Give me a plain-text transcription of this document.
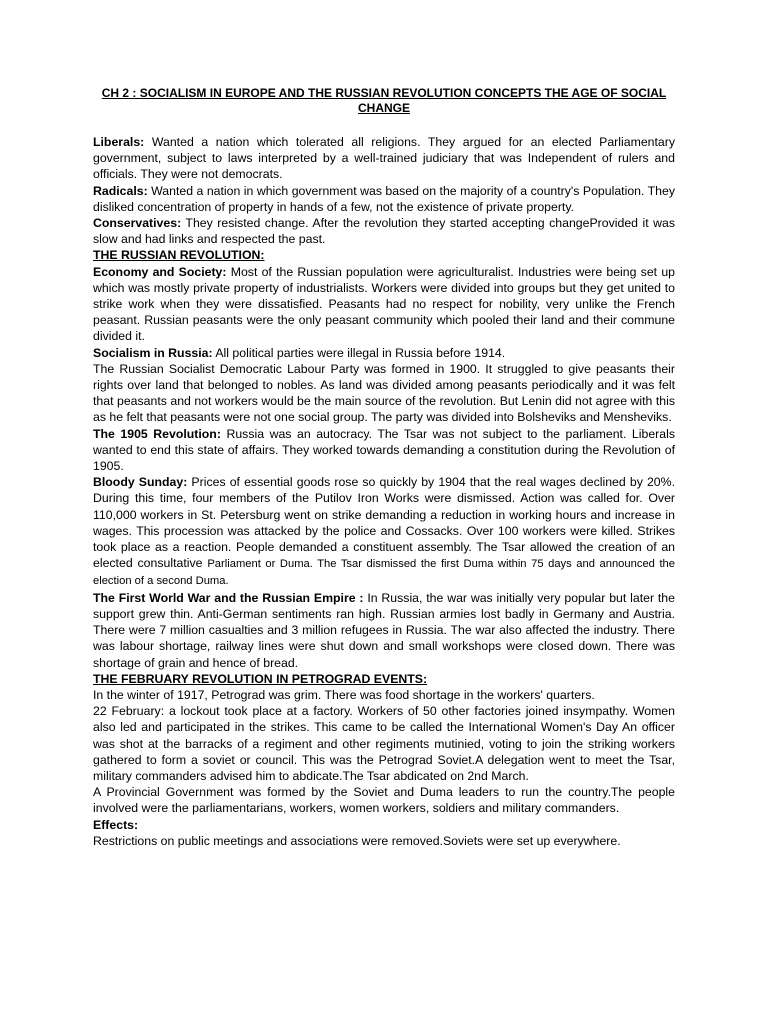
CH 2 : SOCIALISM IN EUROPE AND THE RUSSIAN REVOLUTION CONCEPTS THE AGE OF SOCIAL CHANGE

Liberals: Wanted a nation which tolerated all religions. They argued for an elected Parliamentary government, subject to laws interpreted by a well-trained judiciary that was Independent of rulers and officials. They were not democrats.

Radicals: Wanted a nation in which government was based on the majority of a country's Population. They disliked concentration of property in hands of a few, not the existence of private property.

Conservatives: They resisted change. After the revolution they started accepting changeProvided it was slow and had links and respected the past.

THE RUSSIAN REVOLUTION:

Economy and Society: Most of the Russian population were agriculturalist. Industries were being set up which was mostly private property of industrialists. Workers were divided into groups but they get united to strike work when they were dissatisfied. Peasants had no respect for nobility, very unlike the French peasant. Russian peasants were the only peasant community which pooled their land and their commune divided it.

Socialism in Russia: All political parties were illegal in Russia before 1914.

The Russian Socialist Democratic Labour Party was formed in 1900. It struggled to give peasants their rights over land that belonged to nobles. As land was divided among peasants periodically and it was felt that peasants and not workers would be the main source of the revolution. But Lenin did not agree with this as he felt that peasants were not one social group. The party was divided into Bolsheviks and Mensheviks.

The 1905 Revolution: Russia was an autocracy. The Tsar was not subject to the parliament. Liberals wanted to end this state of affairs. They worked towards demanding a constitution during the Revolution of 1905.

Bloody Sunday: Prices of essential goods rose so quickly by 1904 that the real wages declined by 20%. During this time, four members of the Putilov Iron Works were dismissed. Action was called for. Over 110,000 workers in St. Petersburg went on strike demanding a reduction in working hours and increase in wages. This procession was attacked by the police and Cossacks. Over 100 workers were killed. Strikes took place as a reaction. People demanded a constituent assembly. The Tsar allowed the creation of an elected consultative Parliament or Duma. The Tsar dismissed the first Duma within 75 days and announced the election of a second Duma.

The First World War and the Russian Empire : In Russia, the war was initially very popular but later the support grew thin. Anti-German sentiments ran high. Russian armies lost badly in Germany and Austria. There were 7 million casualties and 3 million refugees in Russia. The war also affected the industry. There was labour shortage, railway lines were shut down and small workshops were closed down. There was shortage of grain and hence of bread.

THE FEBRUARY REVOLUTION IN PETROGRAD EVENTS:

In the winter of 1917, Petrograd was grim. There was food shortage in the workers' quarters.

22 February: a lockout took place at a factory. Workers of 50 other factories joined insympathy. Women also led and participated in the strikes. This came to be called the International Women's Day An officer was shot at the barracks of a regiment and other regiments mutinied, voting to join the striking workers gathered to form a soviet or council. This was the Petrograd Soviet.A delegation went to meet the Tsar, military commanders advised him to abdicate.The Tsar abdicated on 2nd March.

A Provincial Government was formed by the Soviet and Duma leaders to run the country.The people involved were the parliamentarians, workers, women workers, soldiers and military commanders.

Effects:

Restrictions on public meetings and associations were removed.Soviets were set up everywhere.
